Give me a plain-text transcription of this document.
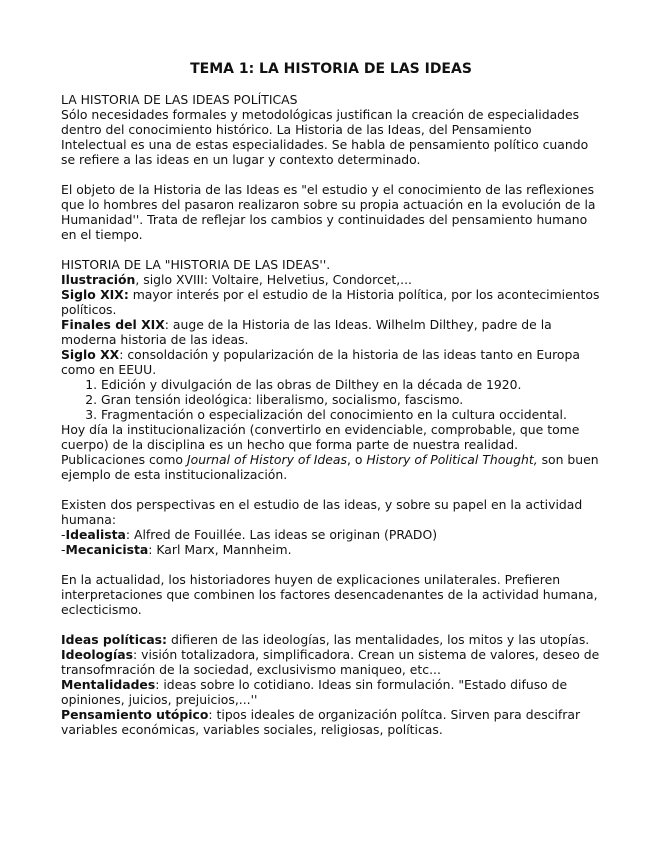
TEMA 1: LA HISTORIA DE LAS IDEAS

LA HISTORIA DE LAS IDEAS POLÍTICAS

Sólo necesidades formales y metodológicas justifican la creación de especialidades dentro del conocimiento histórico. La Historia de las Ideas, del Pensamiento Intelectual es una de estas especialidades. Se habla de pensamiento político cuando se refiere a las ideas en un lugar y contexto determinado.

El objeto de la Historia de las Ideas es "el estudio y el conocimiento de las reflexiones que lo hombres del pasaron realizaron sobre su propia actuación en la evolución de la Humanidad''. Trata de reflejar los cambios y continuidades del pensamiento humano en el tiempo.

HISTORIA DE LA "HISTORIA DE LAS IDEAS''.

Ilustración, siglo XVIII: Voltaire, Helvetius, Condorcet,...

Siglo XIX: mayor interés por el estudio de la Historia política, por los acontecimientos políticos.

Finales del XIX: auge de la Historia de las Ideas. Wilhelm Dilthey, padre de la moderna historia de las ideas.

Siglo XX: consoldación y popularización de la historia de las ideas tanto en Europa como en EEUU.

1. Edición y divulgación de las obras de Dilthey en la década de 1920.
2. Gran tensión ideológica: liberalismo, socialismo, fascismo.
3. Fragmentación o especialización del conocimiento en la cultura occidental.

Hoy día la institucionalización (convertirlo en evidenciable, comprobable, que tome cuerpo) de la disciplina es un hecho que forma parte de nuestra realidad.

Publicaciones como Journal of History of Ideas, o History of Political Thought, son buen ejemplo de esta institucionalización.

Existen dos perspectivas en el estudio de las ideas, y sobre su papel en la actividad humana:

-Idealista: Alfred de Fouillée. Las ideas se originan (PRADO)

-Mecanicista: Karl Marx, Mannheim.

En la actualidad, los historiadores huyen de explicaciones unilaterales. Prefieren interpretaciones que combinen los factores desencadenantes de la actividad humana, eclecticismo.

Ideas políticas: difieren de las ideologías, las mentalidades, los mitos y las utopías.

Ideologías: visión totalizadora, simplificadora. Crean un sistema de valores, deseo de transofmración de la sociedad, exclusivismo maniqueo, etc...

Mentalidades: ideas sobre lo cotidiano. Ideas sin formulación. "Estado difuso de opiniones, juicios, prejuicios,...''

Pensamiento utópico: tipos ideales de organización polítca. Sirven para descifrar variables económicas, variables sociales, religiosas, políticas.
